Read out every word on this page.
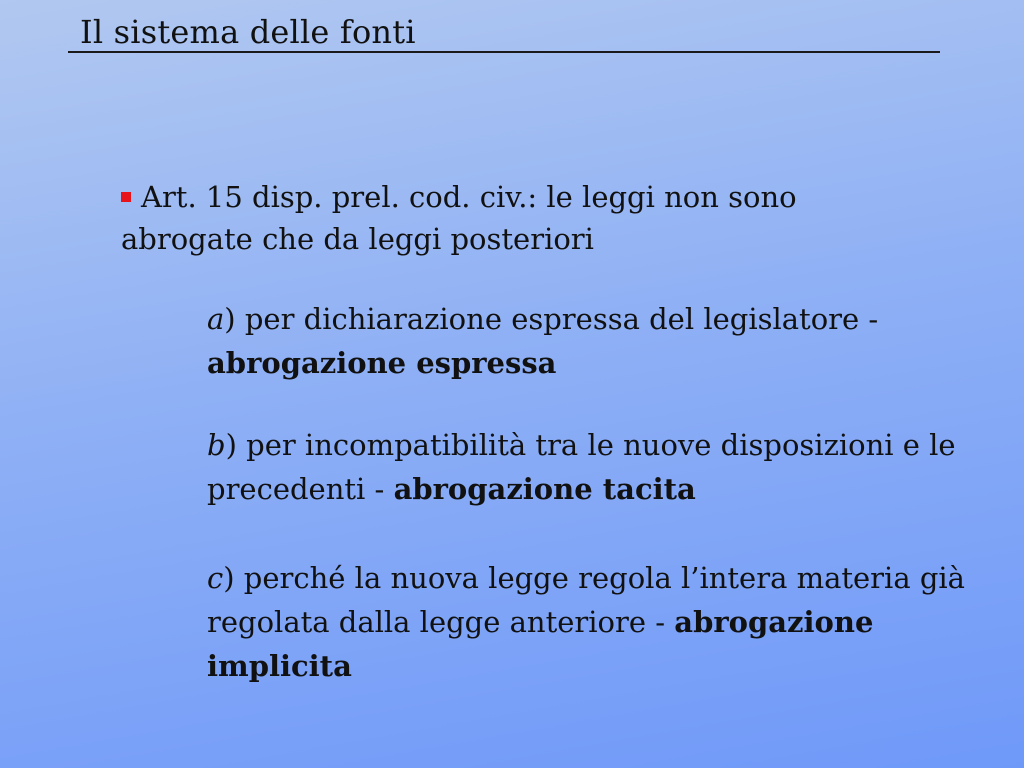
Il sistema delle fonti
Art. 15 disp. prel. cod. civ.: le leggi non sono abrogate che da leggi posteriori
a) per dichiarazione espressa del legislatore - abrogazione espressa
b) per incompatibilità tra le nuove disposizioni e le precedenti - abrogazione tacita
c) perché la nuova legge regola l’intera materia già regolata dalla legge anteriore - abrogazione implicita
